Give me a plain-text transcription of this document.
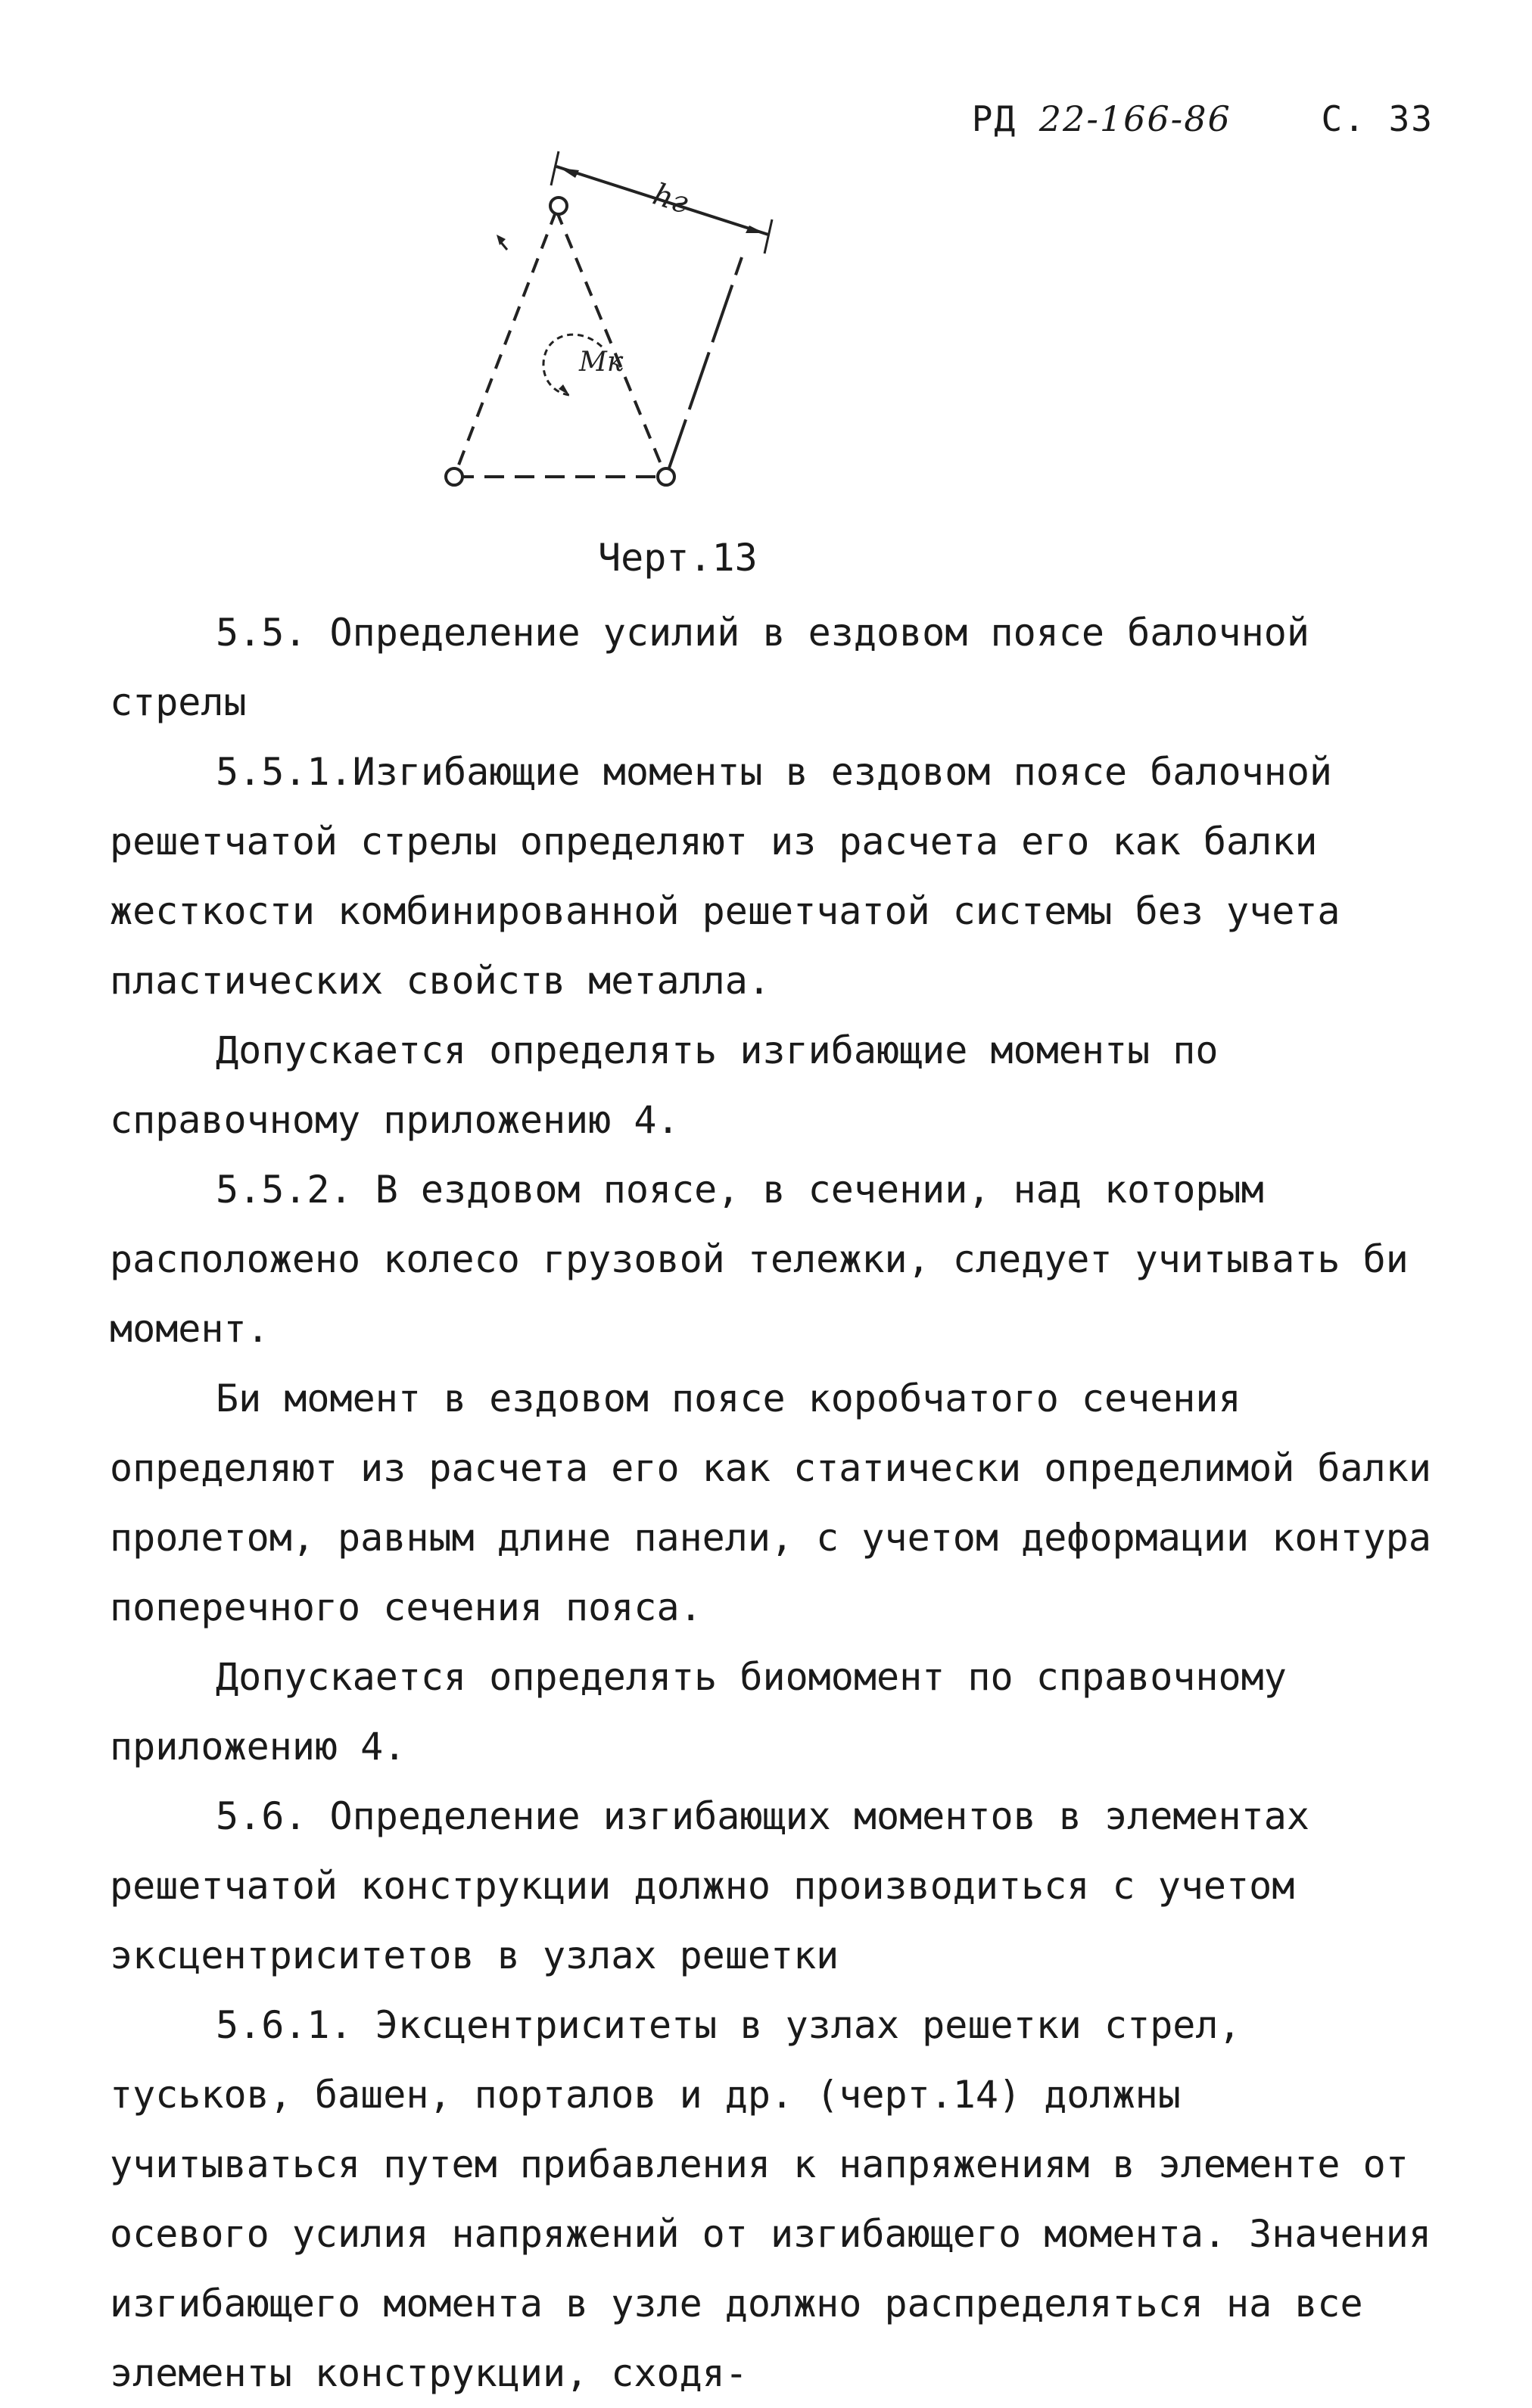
РД 22-166-86	С. 33
hг
Mк
Черт.13

5.5. Определение усилий в ездовом поясе балочной стрелы

5.5.1.Изгибающие моменты в ездовом поясе балочной решетчатой стрелы определяют из расчета его как балки жесткости комбинированной решетчатой системы без учета пластических свойств металла.

Допускается определять изгибающие моменты по справочному приложению 4.

5.5.2. В ездовом поясе, в сечении, над которым расположено колесо грузовой тележки, следует учитывать би момент.

Би момент в ездовом поясе коробчатого сечения определяют из расчета его как статически определимой балки пролетом, равным длине панели, с учетом деформации контура поперечного сечения пояса.

Допускается определять биомомент по справочному приложению 4.

5.6. Определение изгибающих моментов в элементах решетчатой конструкции должно производиться с учетом эксцентриситетов в узлах решетки

5.6.1. Эксцентриситеты в узлах решетки стрел, туськов, башен, порталов и др. (черт.14) должны учитываться путем прибавления к напряжениям в элементе от осевого усилия напряжений от изгибающего момента. Значения изгибающего момента в узле должно распределяться на все элементы конструкции, сходя-
